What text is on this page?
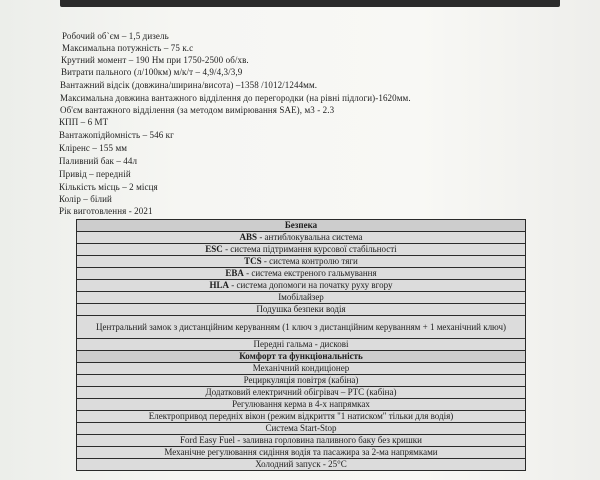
Робочий об`єм – 1,5 дизель
Максимальна потужність – 75 к.с
Крутний момент – 190 Нм при 1750-2500 об/хв.
Витрати пального (л/100км) м/к/т – 4,9/4,3/3,9
Вантажний відсік (довжина/ширина/висота) –1358 /1012/1244мм.
Максимальна довжина вантажного відділення до перегородки (на рівні підлоги)-1620мм.
Об'єм вантажного відділення (за методом вимірювання SAE), м3 - 2.3
КПП – 6 МТ
Вантажопідйомність – 546 кг
Кліренс – 155 мм
Паливний бак – 44л
Привід – передній
Кількість місць – 2 місця
Колір – білий
Рік виготовлення - 2021
Безпека
ABS - антиблокувальна система
ESC - система підтримання курсової стабільності
TCS - система контролю тяги
EBA - система екстреного гальмування
HLA - система допомоги на початку руху вгору
Імобілайзер
Подушка безпеки водія
Центральний замок з дистанційним керуванням (1 ключ з дистанційним керуванням + 1 механічний ключ)
Передні гальма - дискові
Комфорт та функціональність
Механічний кондиціонер
Рециркуляція повітря (кабіна)
Додатковий електричний обігрівач – PTC (кабіна)
Регулювання керма в 4-х напрямках
Електропривод передніх вікон (режим відкриття "1 натиском" тільки для водія)
Система Start-Stop
Ford Easy Fuel - заливна горловина паливного баку без кришки
Механічне регулювання сидіння водія та пасажира за 2-ма напрямками
Холодний запуск - 25°C
